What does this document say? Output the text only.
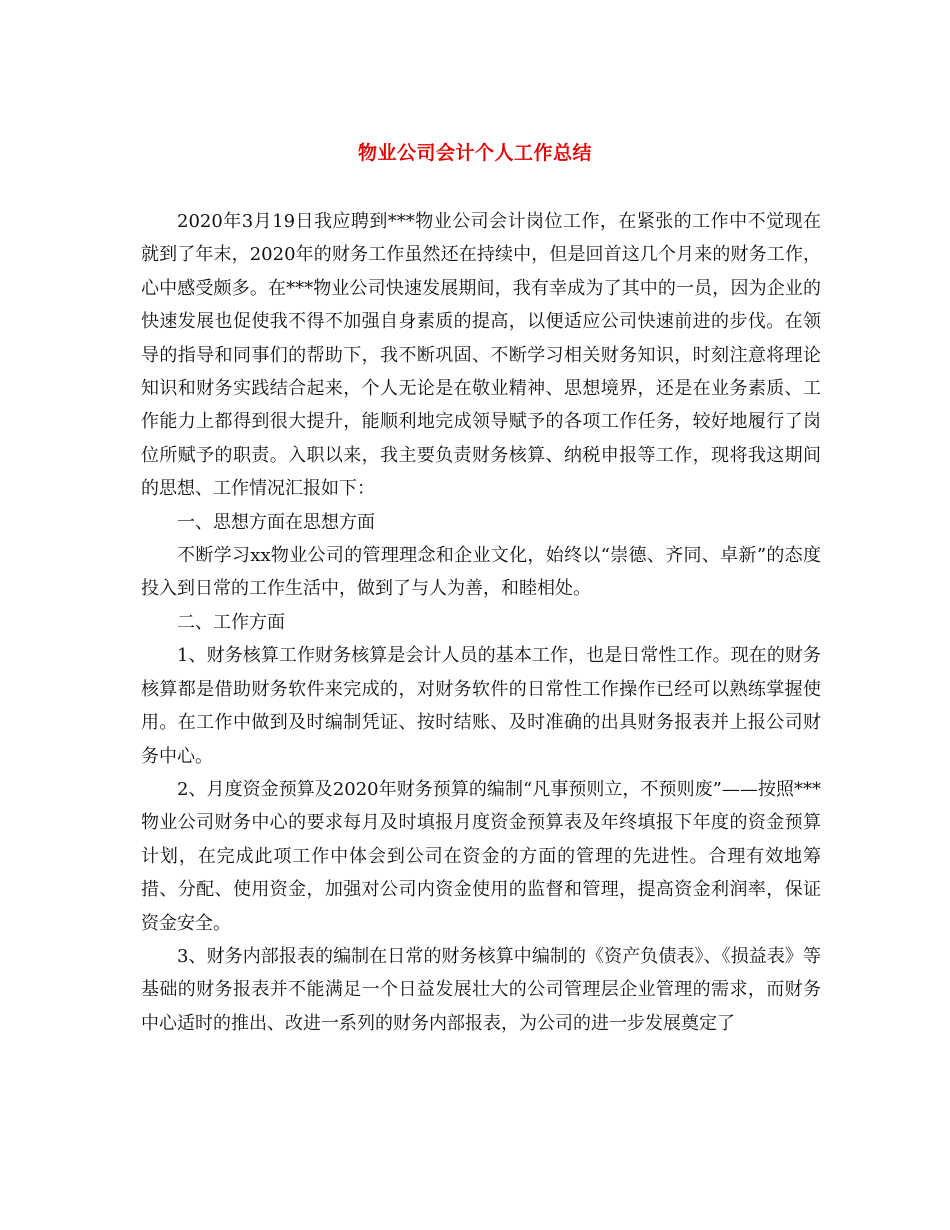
物业公司会计个人工作总结

2020年3月19日我应聘到***物业公司会计岗位工作，在紧张的工作中不觉现在就到了年末，2020年的财务工作虽然还在持续中，但是回首这几个月来的财务工作，心中感受颇多。在***物业公司快速发展期间，我有幸成为了其中的一员，因为企业的快速发展也促使我不得不加强自身素质的提高，以便适应公司快速前进的步伐。在领导的指导和同事们的帮助下，我不断巩固、不断学习相关财务知识，时刻注意将理论知识和财务实践结合起来，个人无论是在敬业精神、思想境界，还是在业务素质、工作能力上都得到很大提升，能顺利地完成领导赋予的各项工作任务，较好地履行了岗位所赋予的职责。入职以来，我主要负责财务核算、纳税申报等工作，现将我这期间的思想、工作情况汇报如下：

一、思想方面在思想方面

不断学习xx物业公司的管理理念和企业文化，始终以“崇德、齐同、卓新”的态度投入到日常的工作生活中，做到了与人为善，和睦相处。

二、工作方面

1、财务核算工作财务核算是会计人员的基本工作，也是日常性工作。现在的财务核算都是借助财务软件来完成的，对财务软件的日常性工作操作已经可以熟练掌握使用。在工作中做到及时编制凭证、按时结账、及时准确的出具财务报表并上报公司财务中心。

2、月度资金预算及2020年财务预算的编制“凡事预则立，不预则废”——按照***物业公司财务中心的要求每月及时填报月度资金预算表及年终填报下年度的资金预算计划，在完成此项工作中体会到公司在资金的方面的管理的先进性。合理有效地筹措、分配、使用资金，加强对公司内资金使用的监督和管理，提高资金利润率，保证资金安全。

3、财务内部报表的编制在日常的财务核算中编制的《资产负债表》、《损益表》等基础的财务报表并不能满足一个日益发展壮大的公司管理层企业管理的需求，而财务中心适时的推出、改进一系列的财务内部报表，为公司的进一步发展奠定了
